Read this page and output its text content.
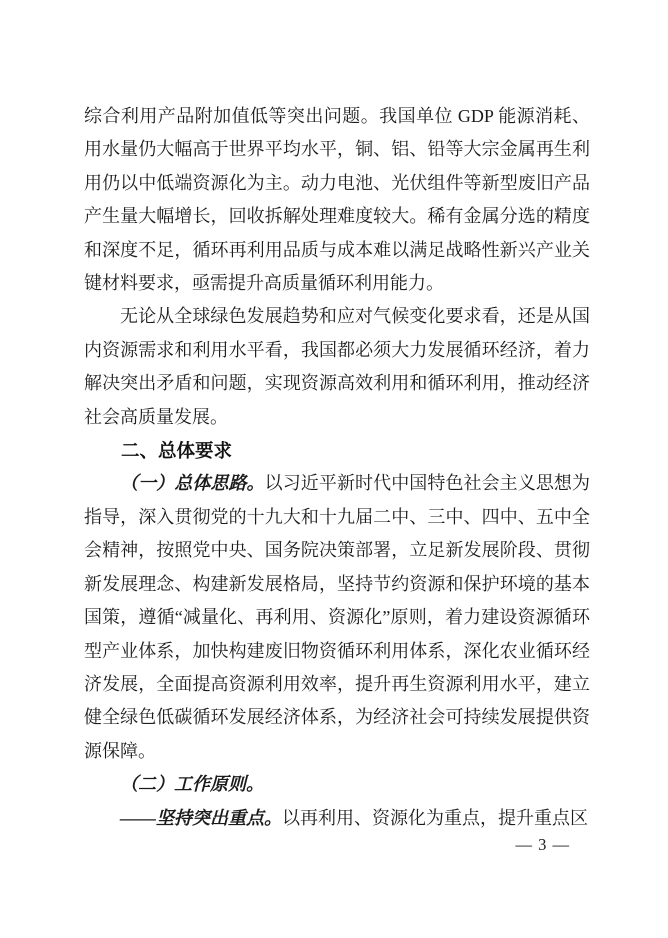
综合利用产品附加值低等突出问题。我国单位 GDP 能源消耗、用水量仍大幅高于世界平均水平，铜、铝、铅等大宗金属再生利用仍以中低端资源化为主。动力电池、光伏组件等新型废旧产品产生量大幅增长，回收拆解处理难度较大。稀有金属分选的精度和深度不足，循环再利用品质与成本难以满足战略性新兴产业关键材料要求，亟需提升高质量循环利用能力。

无论从全球绿色发展趋势和应对气候变化要求看，还是从国内资源需求和利用水平看，我国都必须大力发展循环经济，着力解决突出矛盾和问题，实现资源高效利用和循环利用，推动经济社会高质量发展。

二、总体要求

（一）总体思路。以习近平新时代中国特色社会主义思想为指导，深入贯彻党的十九大和十九届二中、三中、四中、五中全会精神，按照党中央、国务院决策部署，立足新发展阶段、贯彻新发展理念、构建新发展格局，坚持节约资源和保护环境的基本国策，遵循“减量化、再利用、资源化”原则，着力建设资源循环型产业体系，加快构建废旧物资循环利用体系，深化农业循环经济发展，全面提高资源利用效率，提升再生资源利用水平，建立健全绿色低碳循环发展经济体系，为经济社会可持续发展提供资源保障。

（二）工作原则。

——坚持突出重点。以再利用、资源化为重点，提升重点区

— 3 —
